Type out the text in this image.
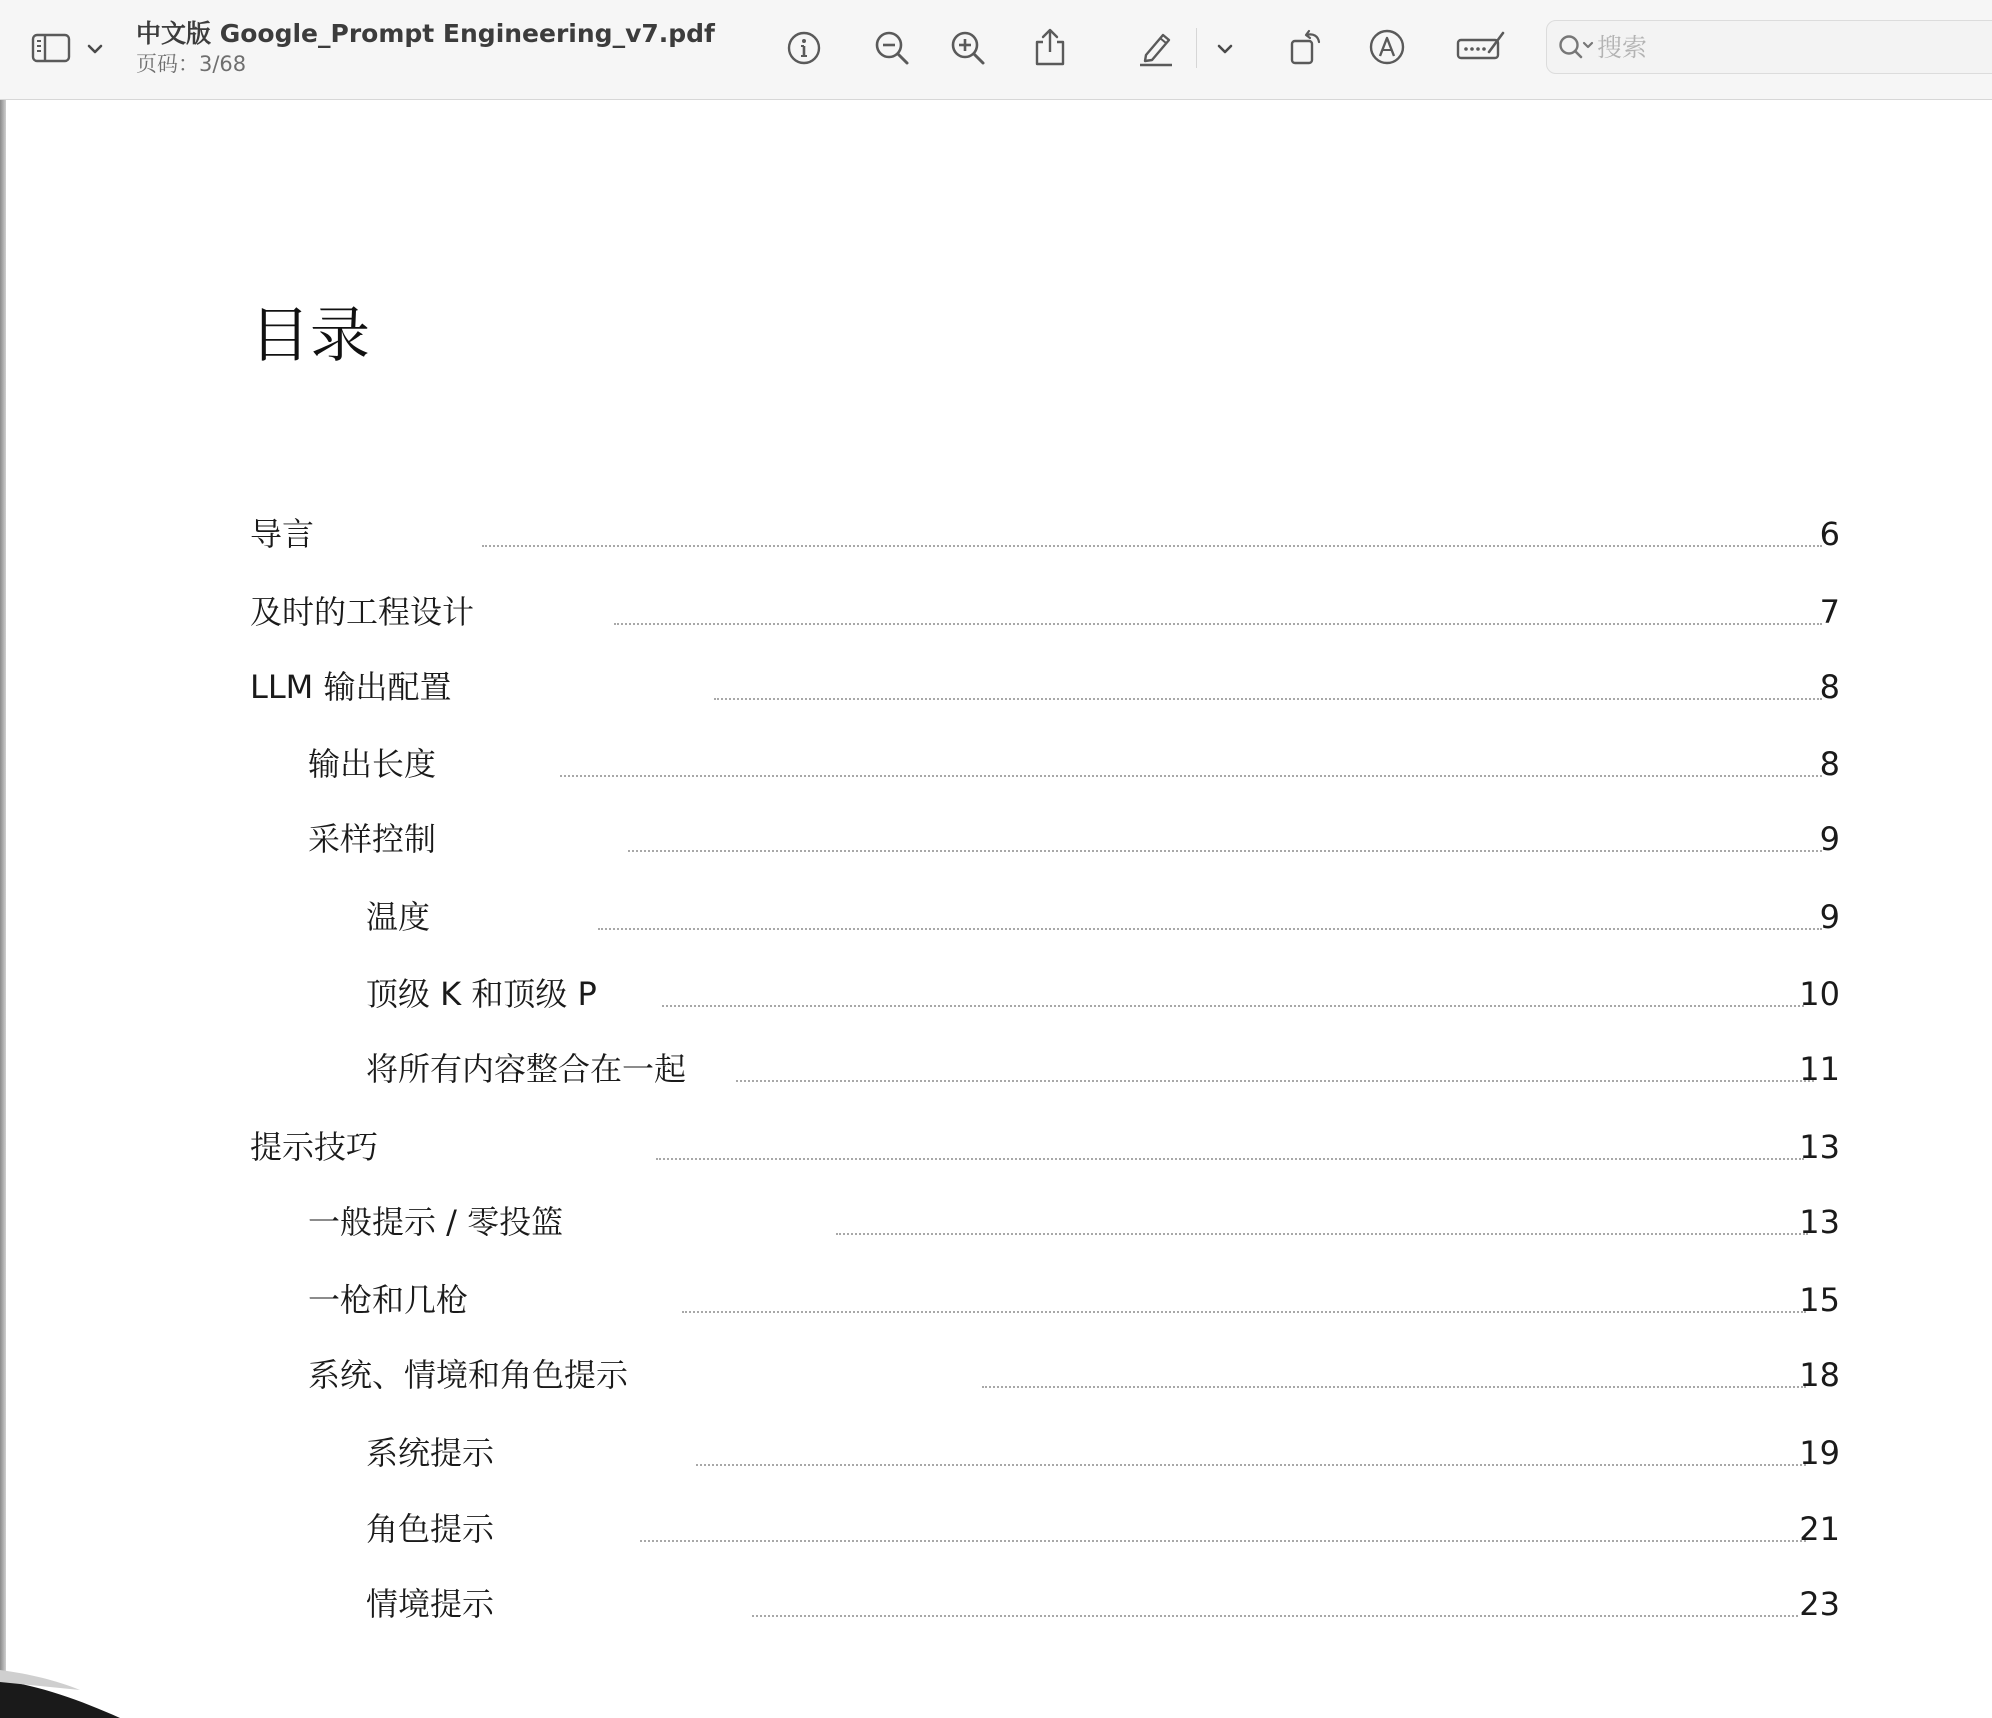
中文版 Google_Prompt Engineering_v7.pdf
页码：3/68
搜索
目录
导言	6
及时的工程设计	7
LLM 输出配置	8
输出长度	8
采样控制	9
温度	9
顶级 K 和顶级 P	10
将所有内容整合在一起	11
提示技巧	13
一般提示 / 零投篮	13
一枪和几枪	15
系统、情境和角色提示	18
系统提示	19
角色提示	21
情境提示	23
